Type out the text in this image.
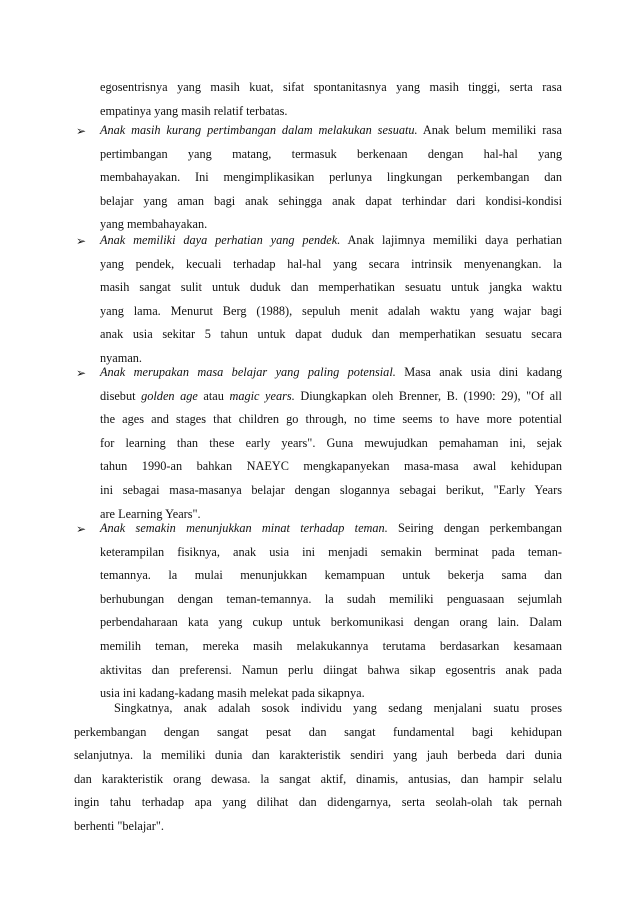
egosentrisnya yang masih kuat, sifat spontanitasnya yang masih tinggi, serta rasa
empatinya yang masih relatif terbatas.
➢	Anak masih kurang pertimbangan dalam melakukan sesuatu. Anak belum memiliki rasa
pertimbangan yang matang, termasuk berkenaan dengan hal-hal yang
membahayakan. Ini mengimplikasikan perlunya lingkungan perkembangan dan
belajar yang aman bagi anak sehingga anak dapat terhindar dari kondisi-kondisi
yang membahayakan.
➢	Anak memiliki daya perhatian yang pendek. Anak lajimnya memiliki daya perhatian
yang pendek, kecuali terhadap hal-hal yang secara intrinsik menyenangkan. la
masih sangat sulit untuk duduk dan memperhatikan sesuatu untuk jangka waktu
yang lama. Menurut Berg (1988), sepuluh menit adalah waktu yang wajar bagi
anak usia sekitar 5 tahun untuk dapat duduk dan memperhatikan sesuatu secara
nyaman.
➢	Anak merupakan masa belajar yang paling potensial. Masa anak usia dini kadang
disebut golden age atau magic years. Diungkapkan oleh Brenner, B. (1990: 29), "Of all
the ages and stages that children go through, no time seems to have more potential
for learning than these early years". Guna mewujudkan pemahaman ini, sejak
tahun 1990-an bahkan NAEYC mengkapanyekan masa-masa awal kehidupan
ini sebagai masa-masanya belajar dengan slogannya sebagai berikut, "Early Years
are Learning Years".
➢	Anak semakin menunjukkan minat terhadap teman. Seiring dengan perkembangan
keterampilan fisiknya, anak usia ini menjadi semakin berminat pada teman-
temannya. la mulai menunjukkan kemampuan untuk bekerja sama dan
berhubungan dengan teman-temannya. la sudah memiliki penguasaan sejumlah
perbendaharaan kata yang cukup untuk berkomunikasi dengan orang lain. Dalam
memilih teman, mereka masih melakukannya terutama berdasarkan kesamaan
aktivitas dan preferensi. Namun perlu diingat bahwa sikap egosentris anak pada
usia ini kadang-kadang masih melekat pada sikapnya.
Singkatnya, anak adalah sosok individu yang sedang menjalani suatu proses
perkembangan dengan sangat pesat dan sangat fundamental bagi kehidupan
selanjutnya. la memiliki dunia dan karakteristik sendiri yang jauh berbeda dari dunia
dan karakteristik orang dewasa. la sangat aktif, dinamis, antusias, dan hampir selalu
ingin tahu terhadap apa yang dilihat dan didengarnya, serta seolah-olah tak pernah
berhenti "belajar".
